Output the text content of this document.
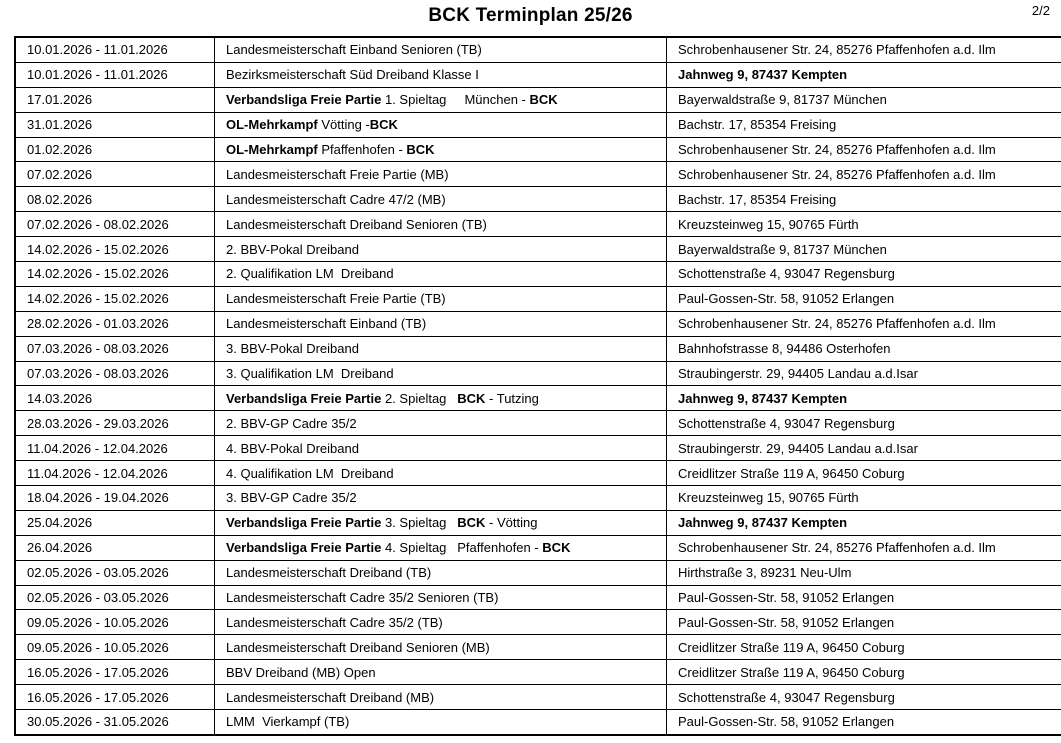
BCK Terminplan 25/26	2/2
10.01.2026 - 11.01.2026	Landesmeisterschaft Einband Senioren (TB)	Schrobenhausener Str. 24, 85276 Pfaffenhofen a.d. Ilm
10.01.2026 - 11.01.2026	Bezirksmeisterschaft Süd Dreiband Klasse I	Jahnweg 9, 87437 Kempten
17.01.2026	Verbandsliga Freie Partie 1. Spieltag     München - BCK	Bayerwaldstraße 9, 81737 München
31.01.2026	OL-Mehrkampf Vötting -BCK	Bachstr. 17, 85354 Freising
01.02.2026	OL-Mehrkampf Pfaffenhofen - BCK	Schrobenhausener Str. 24, 85276 Pfaffenhofen a.d. Ilm
07.02.2026	Landesmeisterschaft Freie Partie (MB)	Schrobenhausener Str. 24, 85276 Pfaffenhofen a.d. Ilm
08.02.2026	Landesmeisterschaft Cadre 47/2 (MB)	Bachstr. 17, 85354 Freising
07.02.2026 - 08.02.2026	Landesmeisterschaft Dreiband Senioren (TB)	Kreuzsteinweg 15, 90765 Fürth
14.02.2026 - 15.02.2026	2. BBV-Pokal Dreiband	Bayerwaldstraße 9, 81737 München
14.02.2026 - 15.02.2026	2. Qualifikation LM  Dreiband	Schottenstraße 4, 93047 Regensburg
14.02.2026 - 15.02.2026	Landesmeisterschaft Freie Partie (TB)	Paul-Gossen-Str. 58, 91052 Erlangen
28.02.2026 - 01.03.2026	Landesmeisterschaft Einband (TB)	Schrobenhausener Str. 24, 85276 Pfaffenhofen a.d. Ilm
07.03.2026 - 08.03.2026	3. BBV-Pokal Dreiband	Bahnhofstrasse 8, 94486 Osterhofen
07.03.2026 - 08.03.2026	3. Qualifikation LM  Dreiband	Straubingerstr. 29, 94405 Landau a.d.Isar
14.03.2026	Verbandsliga Freie Partie 2. Spieltag   BCK - Tutzing	Jahnweg 9, 87437 Kempten
28.03.2026 - 29.03.2026	2. BBV-GP Cadre 35/2	Schottenstraße 4, 93047 Regensburg
11.04.2026 - 12.04.2026	4. BBV-Pokal Dreiband	Straubingerstr. 29, 94405 Landau a.d.Isar
11.04.2026 - 12.04.2026	4. Qualifikation LM  Dreiband	Creidlitzer Straße 119 A, 96450 Coburg
18.04.2026 - 19.04.2026	3. BBV-GP Cadre 35/2	Kreuzsteinweg 15, 90765 Fürth
25.04.2026	Verbandsliga Freie Partie 3. Spieltag   BCK - Vötting	Jahnweg 9, 87437 Kempten
26.04.2026	Verbandsliga Freie Partie 4. Spieltag   Pfaffenhofen - BCK	Schrobenhausener Str. 24, 85276 Pfaffenhofen a.d. Ilm
02.05.2026 - 03.05.2026	Landesmeisterschaft Dreiband (TB)	Hirthstraße 3, 89231 Neu-Ulm
02.05.2026 - 03.05.2026	Landesmeisterschaft Cadre 35/2 Senioren (TB)	Paul-Gossen-Str. 58, 91052 Erlangen
09.05.2026 - 10.05.2026	Landesmeisterschaft Cadre 35/2 (TB)	Paul-Gossen-Str. 58, 91052 Erlangen
09.05.2026 - 10.05.2026	Landesmeisterschaft Dreiband Senioren (MB)	Creidlitzer Straße 119 A, 96450 Coburg
16.05.2026 - 17.05.2026	BBV Dreiband (MB) Open	Creidlitzer Straße 119 A, 96450 Coburg
16.05.2026 - 17.05.2026	Landesmeisterschaft Dreiband (MB)	Schottenstraße 4, 93047 Regensburg
30.05.2026 - 31.05.2026	LMM  Vierkampf (TB)	Paul-Gossen-Str. 58, 91052 Erlangen
